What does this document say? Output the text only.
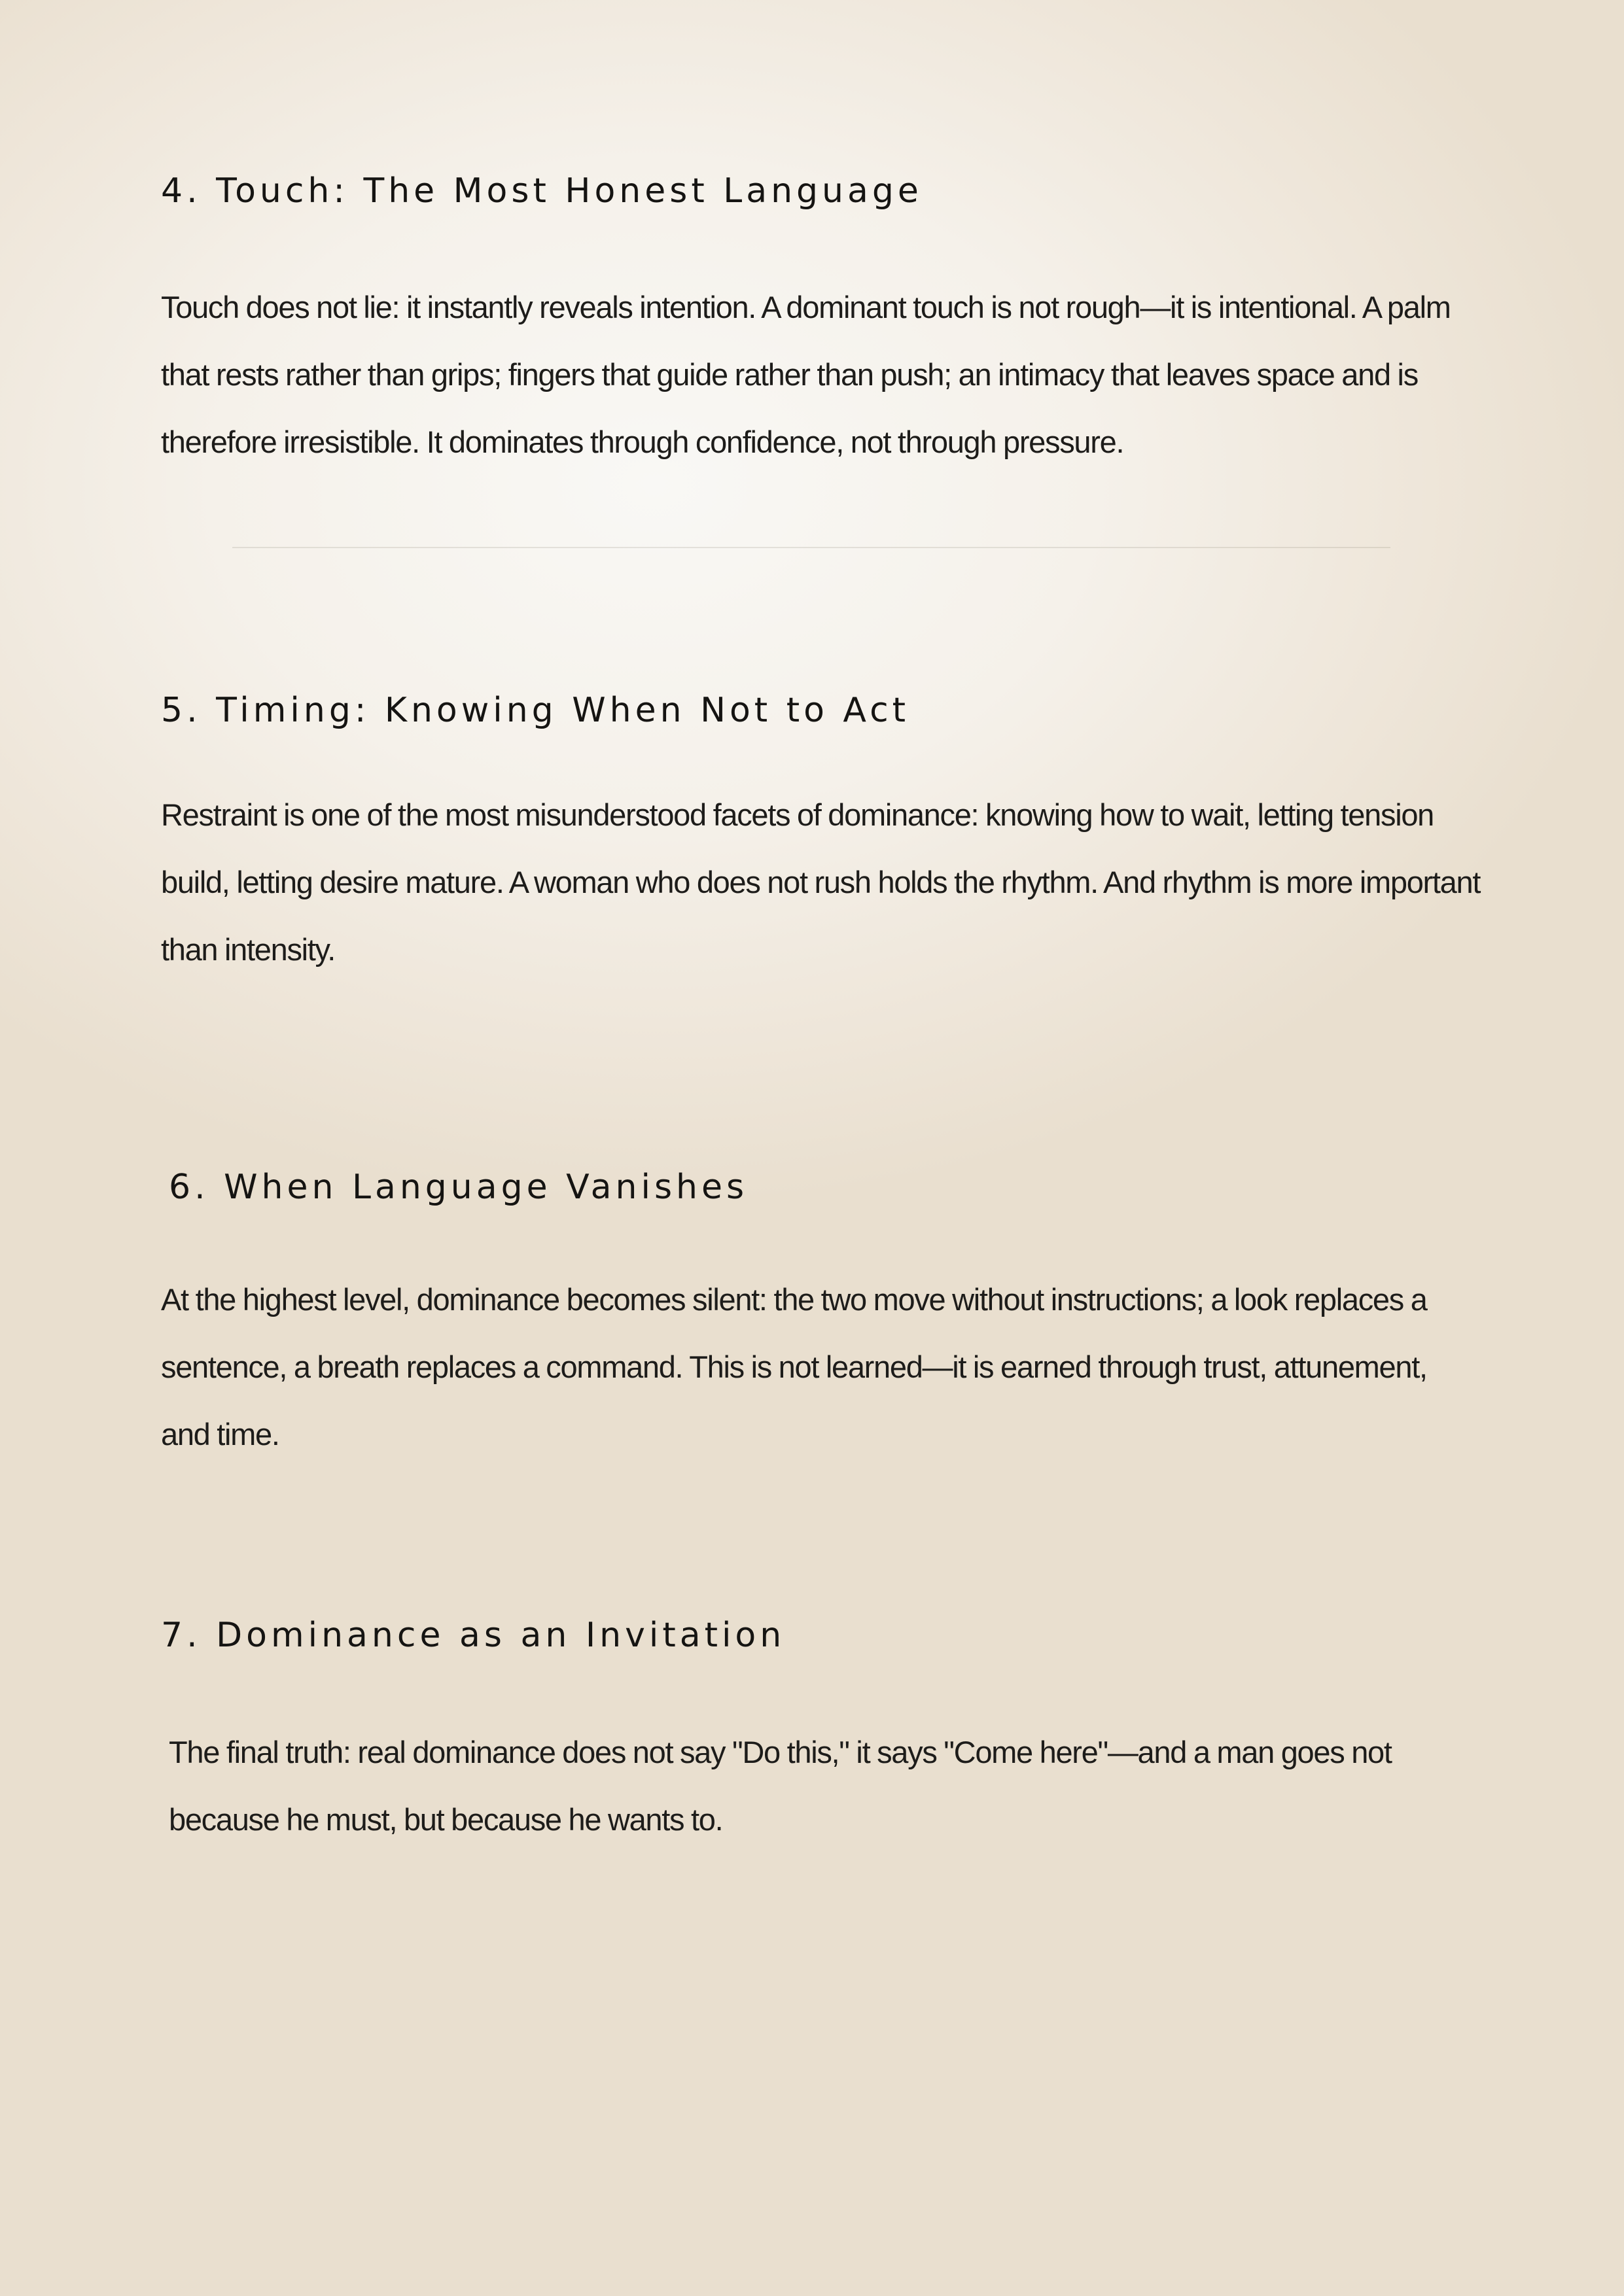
4. Touch: The Most Honest Language

Touch does not lie: it instantly reveals intention. A dominant touch is not rough—it is intentional. A palm that rests rather than grips; fingers that guide rather than push; an intimacy that leaves space and is therefore irresistible. It dominates through confidence, not through pressure.

5. Timing: Knowing When Not to Act

Restraint is one of the most misunderstood facets of dominance: knowing how to wait, letting tension build, letting desire mature. A woman who does not rush holds the rhythm. And rhythm is more important than intensity.

6. When Language Vanishes

At the highest level, dominance becomes silent: the two move without instructions; a look replaces a sentence, a breath replaces a command. This is not learned—it is earned through trust, attunement, and time.

7. Dominance as an Invitation

The final truth: real dominance does not say "Do this," it says "Come here"—and a man goes not because he must, but because he wants to.
